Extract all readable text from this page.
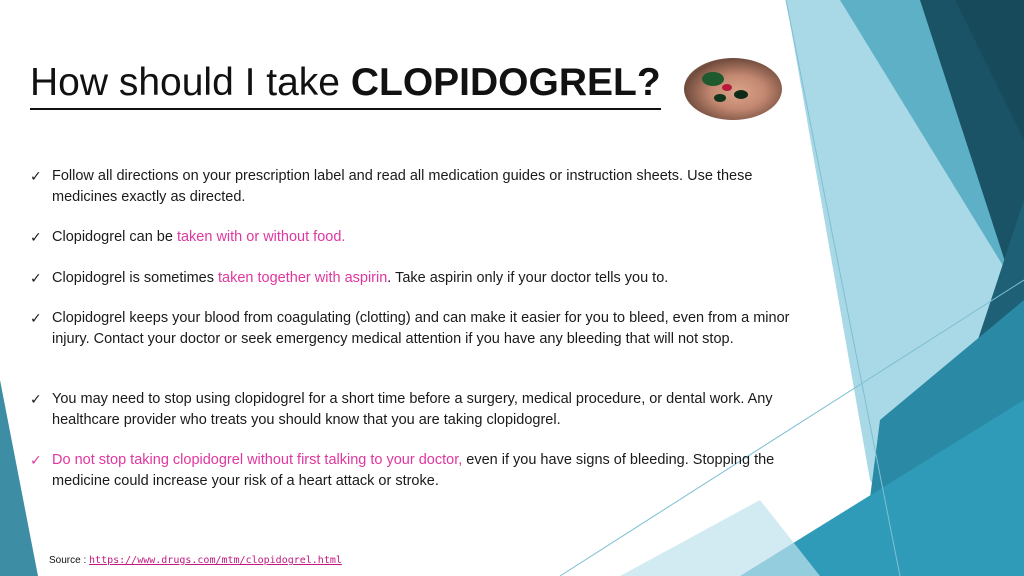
How should I take CLOPIDOGREL?

✓ Follow all directions on your prescription label and read all medication guides or instruction sheets. Use these medicines exactly as directed.

✓ Clopidogrel can be taken with or without food.

✓ Clopidogrel is sometimes taken together with aspirin. Take aspirin only if your doctor tells you to.

✓ Clopidogrel keeps your blood from coagulating (clotting) and can make it easier for you to bleed, even from a minor injury. Contact your doctor or seek emergency medical attention if you have any bleeding that will not stop.

✓ You may need to stop using clopidogrel for a short time before a surgery, medical procedure, or dental work. Any healthcare provider who treats you should know that you are taking clopidogrel.

✓ Do not stop taking clopidogrel without first talking to your doctor, even if you have signs of bleeding. Stopping the medicine could increase your risk of a heart attack or stroke.

Source : https://www.drugs.com/mtm/clopidogrel.html
